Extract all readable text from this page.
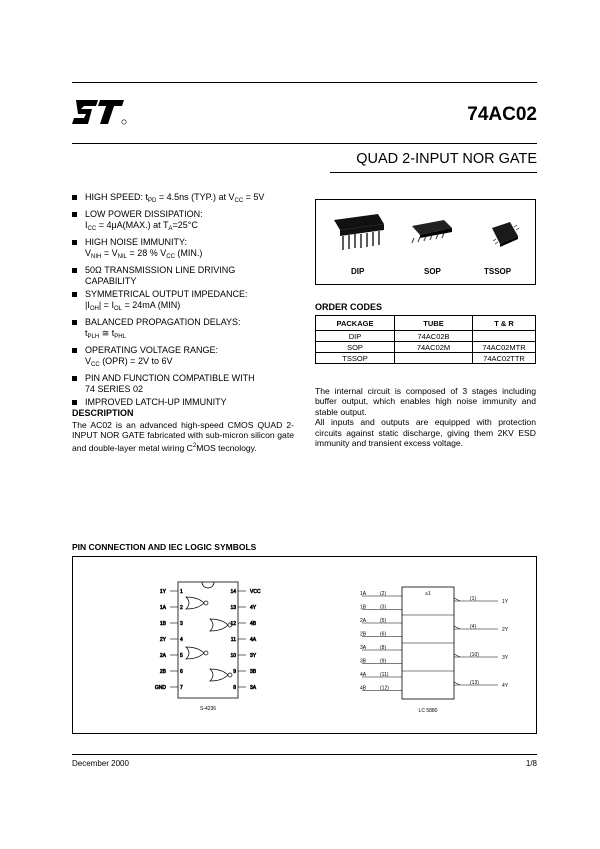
74AC02
QUAD 2-INPUT NOR GATE
HIGH SPEED: $t_{PD} = 4.5ns$ (TYP.) at $V_{CC} = 5V$
LOW POWER DISSIPATION:
$I_{CC} = 4\mu A(MAX.)$ at $T_A=25^\circ C$
HIGH NOISE IMMUNITY:
$V_{NIH} = V_{NIL} = 28$ % $V_{CC}$ (MIN.)
50Ω TRANSMISSION LINE DRIVING
CAPABILITY
SYMMETRICAL OUTPUT IMPEDANCE:
$|I_{OH}| = I_{OL} = 24mA$ (MIN)
BALANCED PROPAGATION DELAYS:
$t_{PLH}$ ≅ $t_{PHL}$
OPERATING VOLTAGE RANGE:
$V_{CC}$ (OPR) = 2V to 6V
PIN AND FUNCTION COMPATIBLE WITH
74 SERIES 02
IMPROVED LATCH-UP IMMUNITY
DIP	SOP	TSSOP
ORDER CODES
PACKAGE	TUBE	T & R
DIP	74AC02B	
SOP	74AC02M	74AC02MTR
TSSOP		74AC02TTR
DESCRIPTION
The AC02 is an advanced high-speed CMOS QUAD 2-INPUT NOR GATE fabricated with sub-micron silicon gate and double-layer metal wiring $C^2MOS$ tecnology.
The internal circuit is composed of 3 stages including buffer output, which enables high noise immunity and stable output.
All inputs and outputs are equipped with protection circuits against static discharge, giving them 2KV ESD immunity and transient excess voltage.
PIN CONNECTION AND IEC LOGIC SYMBOLS
1Y	1
1A	2
1B	3
2Y	4
2A	5
2B	6
GND	7
VCC
14
4Y
13
4B
12
4A
11
3Y
10
3B
9
3A
8
S-4236
≥1
1A	(2)
1B	(3)
2A	(5)
2B	(6)
3A	(8)
3B	(9)
4A	(11)
4B	(12)
(1)	1Y
(4)	2Y
(10)	3Y
(13)	4Y
LC 5880
December 2000	1/8
